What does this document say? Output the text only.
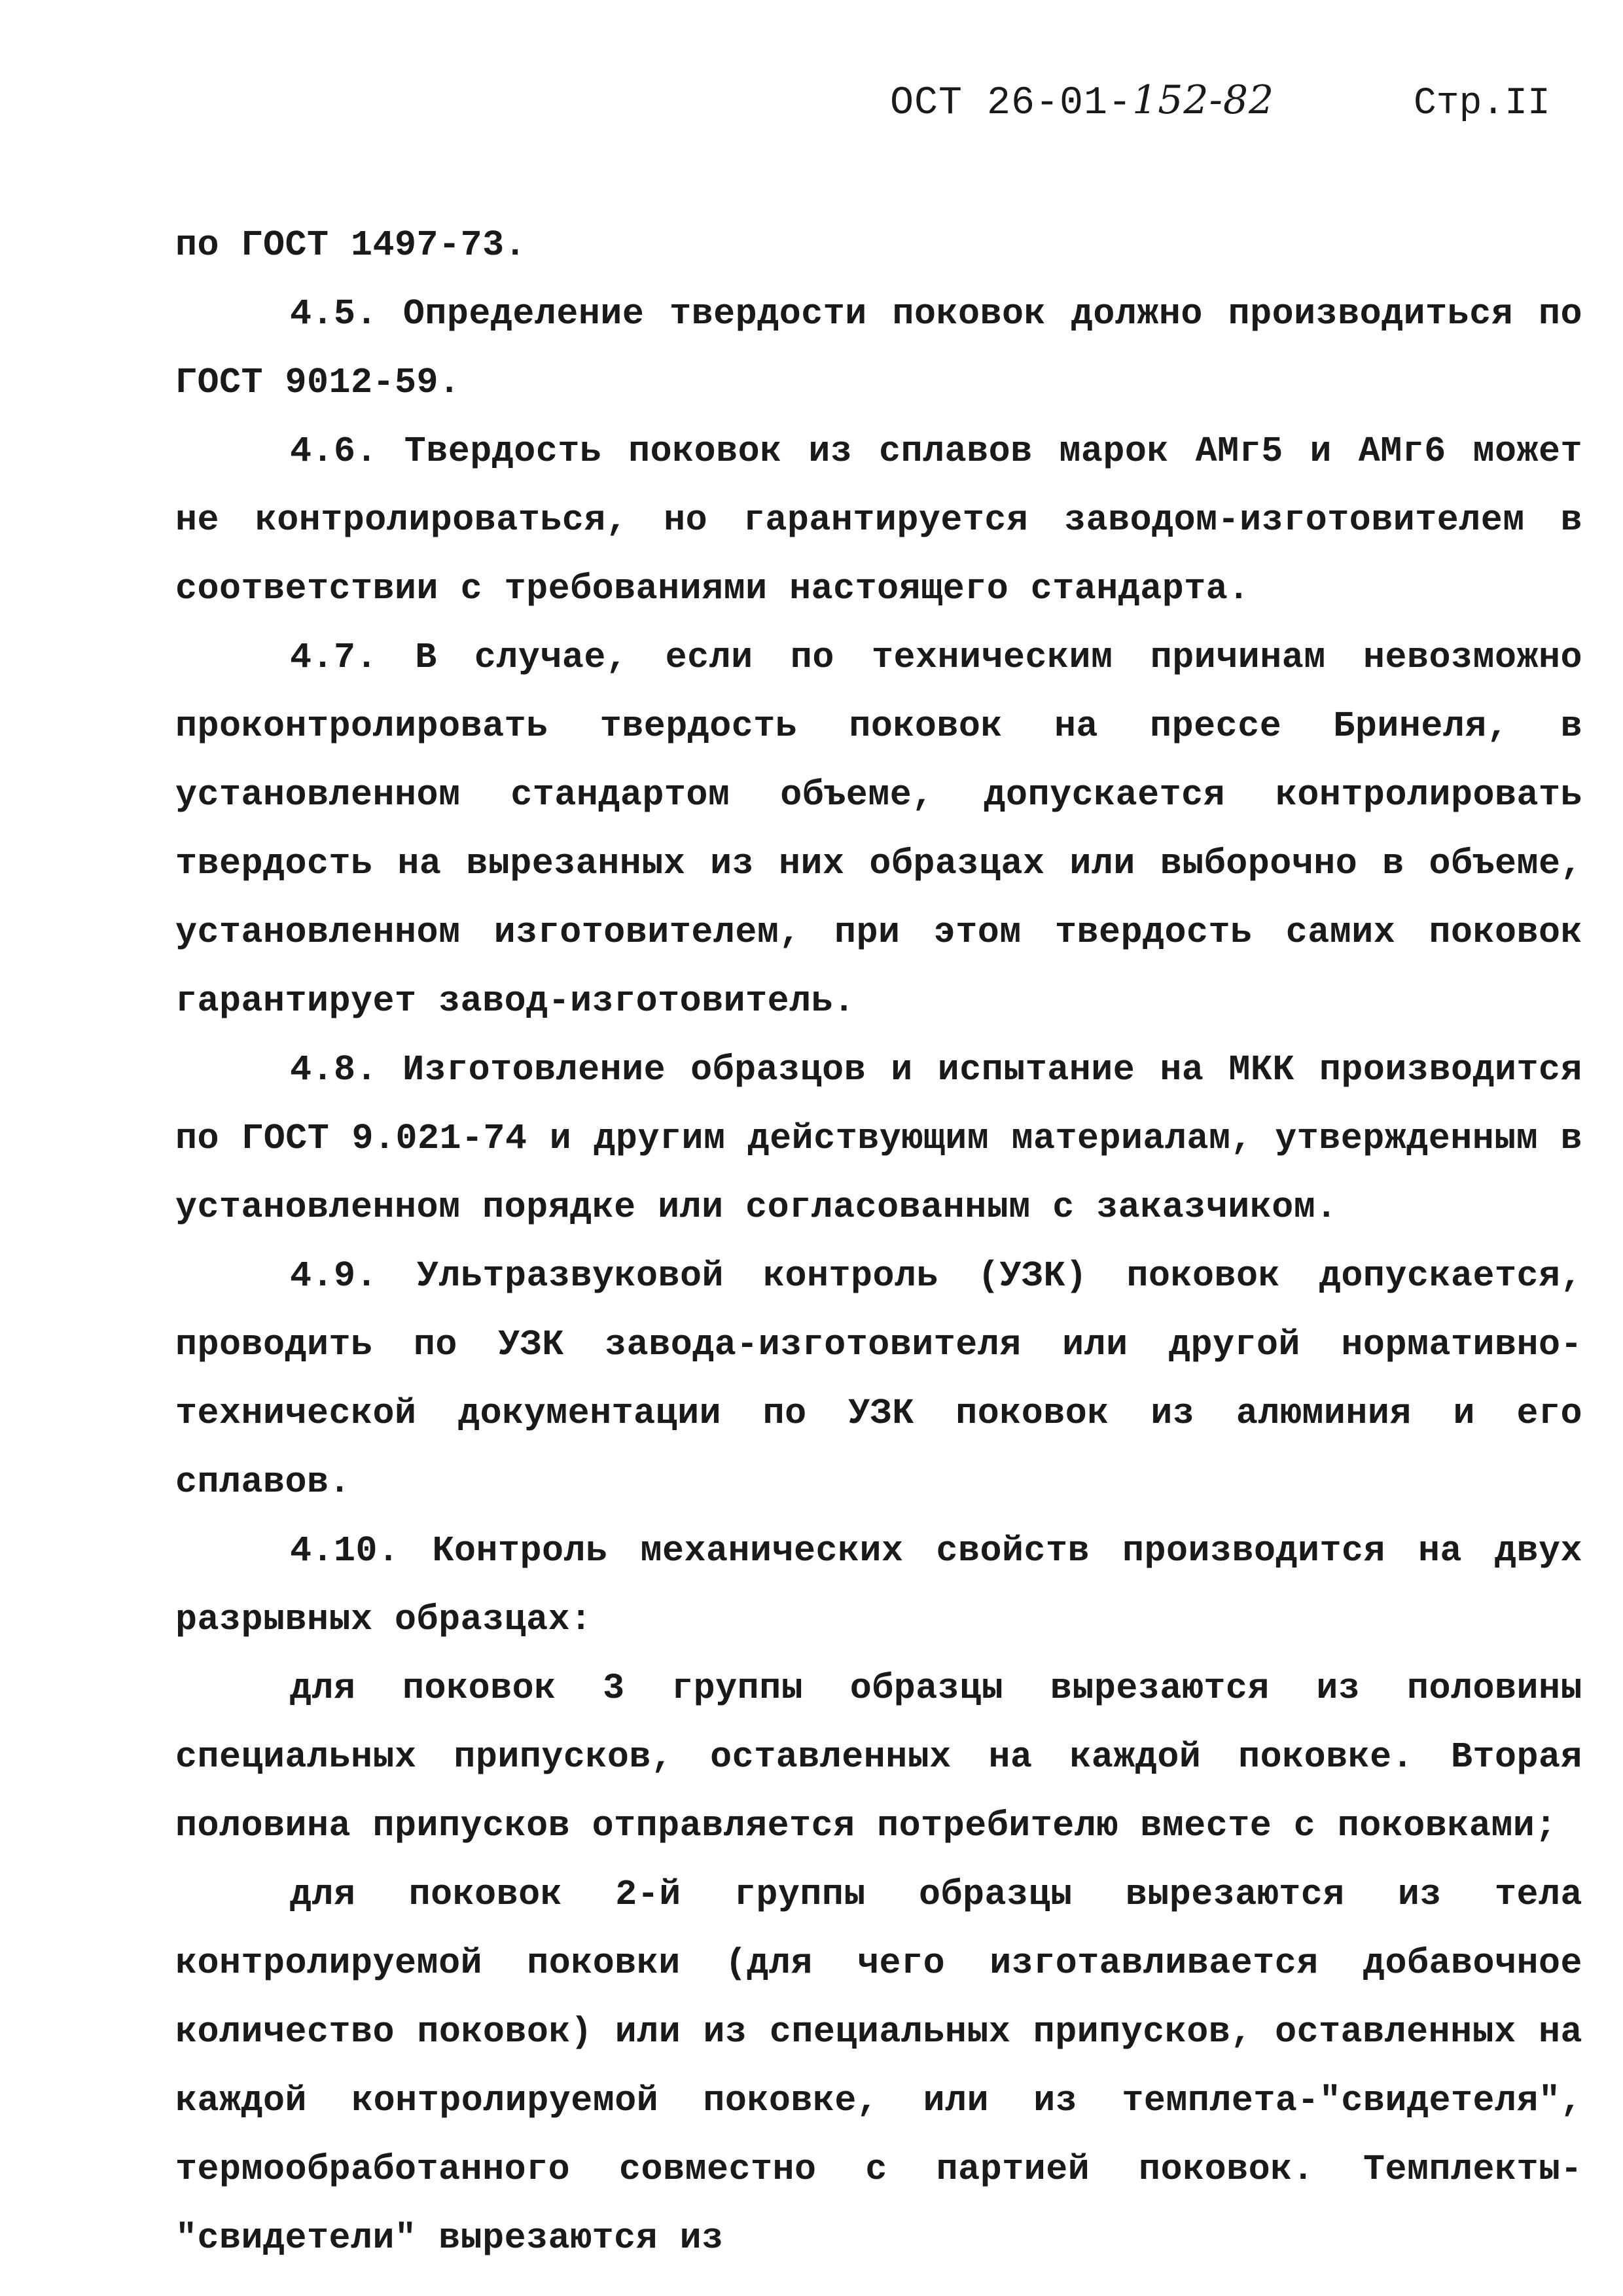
ОСТ 26-01-152-82	Стр.II

по ГОСТ 1497-73.

4.5. Определение твердости поковок должно производиться по ГОСТ 9012-59.

4.6. Твердость поковок из сплавов марок АМг5 и АМг6 может не контролироваться, но гарантируется заводом-изготовителем в соответствии с требованиями настоящего стандарта.

4.7. В случае, если по техническим причинам невозможно проконтролировать твердость поковок на прессе Бринеля, в установленном стандартом объеме, допускается контролировать твердость на вырезанных из них образцах или выборочно в объеме, установленном изготовителем, при этом твердость самих поковок гарантирует завод-изготовитель.

4.8. Изготовление образцов и испытание на МКК производится по ГОСТ 9.021-74 и другим действующим материалам, утвержденным в установленном порядке или согласованным с заказчиком.

4.9. Ультразвуковой контроль (УЗК) поковок допускается, проводить по УЗК завода-изготовителя или другой нормативно-технической документации по УЗК поковок из алюминия и его сплавов.

4.10. Контроль механических свойств производится на двух разрывных образцах:

для поковок 3 группы образцы вырезаются из половины специальных припусков, оставленных на каждой поковке. Вторая половина припусков отправляется потребителю вместе с поковками;

для поковок 2-й группы образцы вырезаются из тела контролируемой поковки (для чего изготавливается добавочное количество поковок) или из специальных припусков, оставленных на каждой контролируемой поковке, или из темплета-"свидетеля", термообработанного совместно с партией поковок. Темплекты-"свидетели" вырезаются из
